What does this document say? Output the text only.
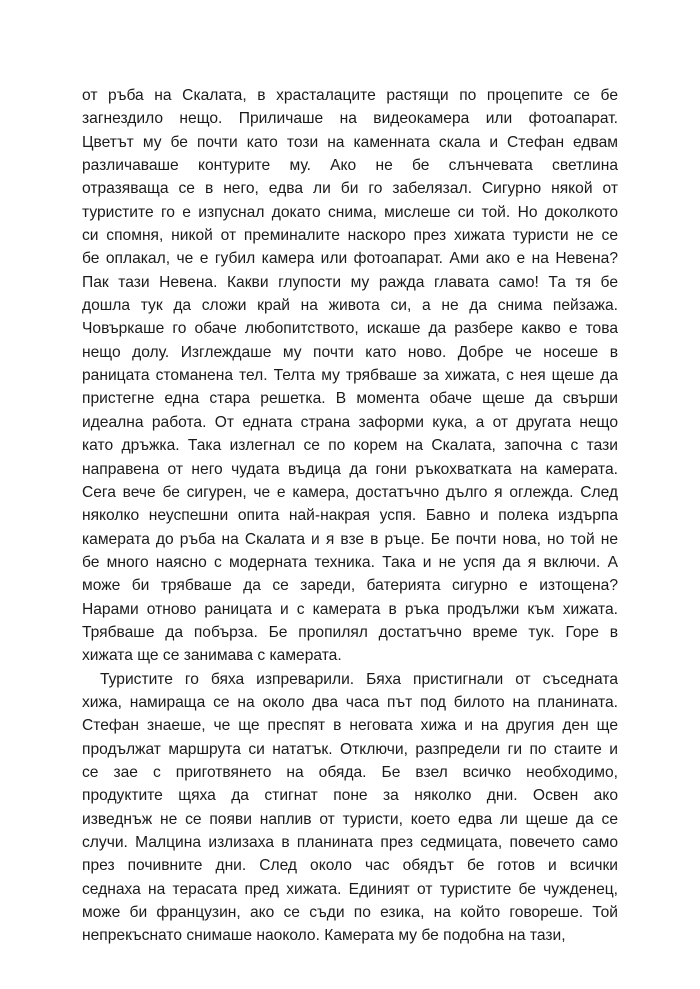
от ръба на Скалата, в храсталаците растящи по процепите се бе
загнездило нещо. Приличаше на видеокамера или фотоапарат.
Цветът му бе почти като този на каменната скала и Стефан едвам
различаваше контурите му. Ако не бе слънчевата светлина
отразяваща се в него, едва ли би го забелязал. Сигурно някой от
туристите го е изпуснал докато снима, мислеше си той. Но доколкото
си спомня, никой от преминалите наскоро през хижата туристи не се
бе оплакал, че е губил камера или фотоапарат. Ами ако е на Невена?
Пак тази Невена. Какви глупости му ражда главата само! Та тя бе
дошла тук да сложи край на живота си, а не да снима пейзажа.
Човъркаше го обаче любопитството, искаше да разбере какво е това
нещо долу. Изглеждаше му почти като ново. Добре че носеше в
раницата стоманена тел. Телта му трябваше за хижата, с нея щеше да
пристегне една стара решетка. В момента обаче щеше да свърши
идеална работа. От едната страна заформи кука, а от другата нещо
като дръжка. Така излегнал се по корем на Скалата, започна с тази
направена от него чудата въдица да гони ръкохватката на камерата.
Сега вече бе сигурен, че е камера, достатъчно дълго я оглежда. След
няколко неуспешни опита най-накрая успя. Бавно и полека издърпа
камерата до ръба на Скалата и я взе в ръце. Бе почти нова, но той не
бе много наясно с модерната техника. Така и не успя да я включи. А
може би трябваше да се зареди, батерията сигурно е изтощена?
Нарами отново раницата и с камерата в ръка продължи към хижата.
Трябваше да побърза. Бе пропилял достатъчно време тук. Горе в
хижата ще се занимава с камерата.
Туристите го бяха изпреварили. Бяха пристигнали от съседната
хижа, намираща се на около два часа път под билото на планината.
Стефан знаеше, че ще преспят в неговата хижа и на другия ден ще
продължат маршрута си нататък. Отключи, разпредели ги по стаите и
се зае с приготвянето на обяда. Бе взел всичко необходимо,
продуктите щяха да стигнат поне за няколко дни. Освен ако
изведнъж не се появи наплив от туристи, което едва ли щеше да се
случи. Малцина излизаха в планината през седмицата, повечето само
през почивните дни. След около час обядът бе готов и всички
седнаха на терасата пред хижата. Единият от туристите бе чужденец,
може би французин, ако се съди по езика, на който говореше. Той
непрекъснато снимаше наоколо. Камерата му бе подобна на тази,
